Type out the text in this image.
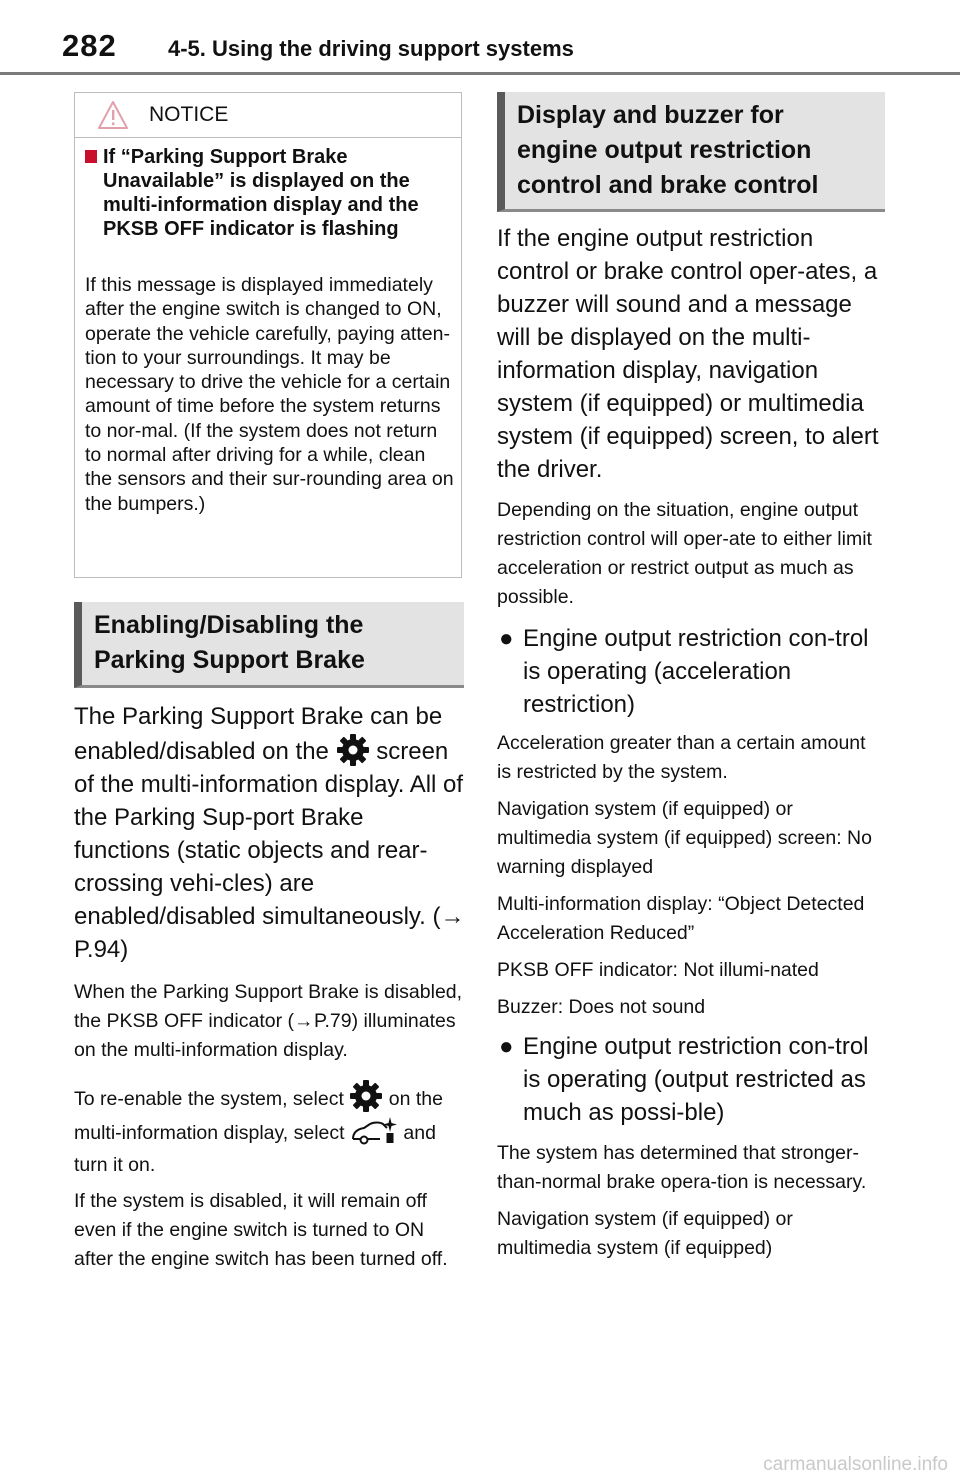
282 4-5. Using the driving support systems
NOTICE
If “Parking Support Brake Unavailable” is displayed on the multi-information display and the PKSB OFF indicator is flashing
If this message is displayed immediately after the engine switch is changed to ON, operate the vehicle carefully, paying atten-tion to your surroundings. It may be necessary to drive the vehicle for a certain amount of time before the system returns to nor-mal. (If the system does not return to normal after driving for a while, clean the sensors and their sur-rounding area on the bumpers.)
Enabling/Disabling the
Parking Support Brake

The Parking Support Brake can be enabled/disabled on the screen of the multi-information display. All of the Parking Sup-port Brake functions (static objects and rear-crossing vehi-cles) are enabled/disabled simultaneously. (→P.94)

When the Parking Support Brake is disabled, the PKSB OFF indicator (→P.79) illuminates on the multi-information display.

To re-enable the system, select on the multi-information display, select	and turn it on.

If the system is disabled, it will remain off even if the engine switch is turned to ON after the engine switch has been turned off.

Display and buzzer for
engine output restriction
control and brake control

If the engine output restriction control or brake control oper-ates, a buzzer will sound and a message will be displayed on the multi-information display, navigation system (if equipped) or multimedia system (if equipped) screen, to alert the driver.

Depending on the situation, engine output restriction control will oper-ate to either limit acceleration or restrict output as much as possible.

● Engine output restriction con-trol is operating (acceleration restriction)

Acceleration greater than a certain amount is restricted by the system.

Navigation system (if equipped) or multimedia system (if equipped) screen: No warning displayed

Multi-information display: “Object Detected Acceleration Reduced”

PKSB OFF indicator: Not illumi-nated

Buzzer: Does not sound

● Engine output restriction con-trol is operating (output restricted as much as possi-ble)

The system has determined that stronger-than-normal brake opera-tion is necessary.

Navigation system (if equipped) or multimedia system (if equipped)

carmanualsonline.info
